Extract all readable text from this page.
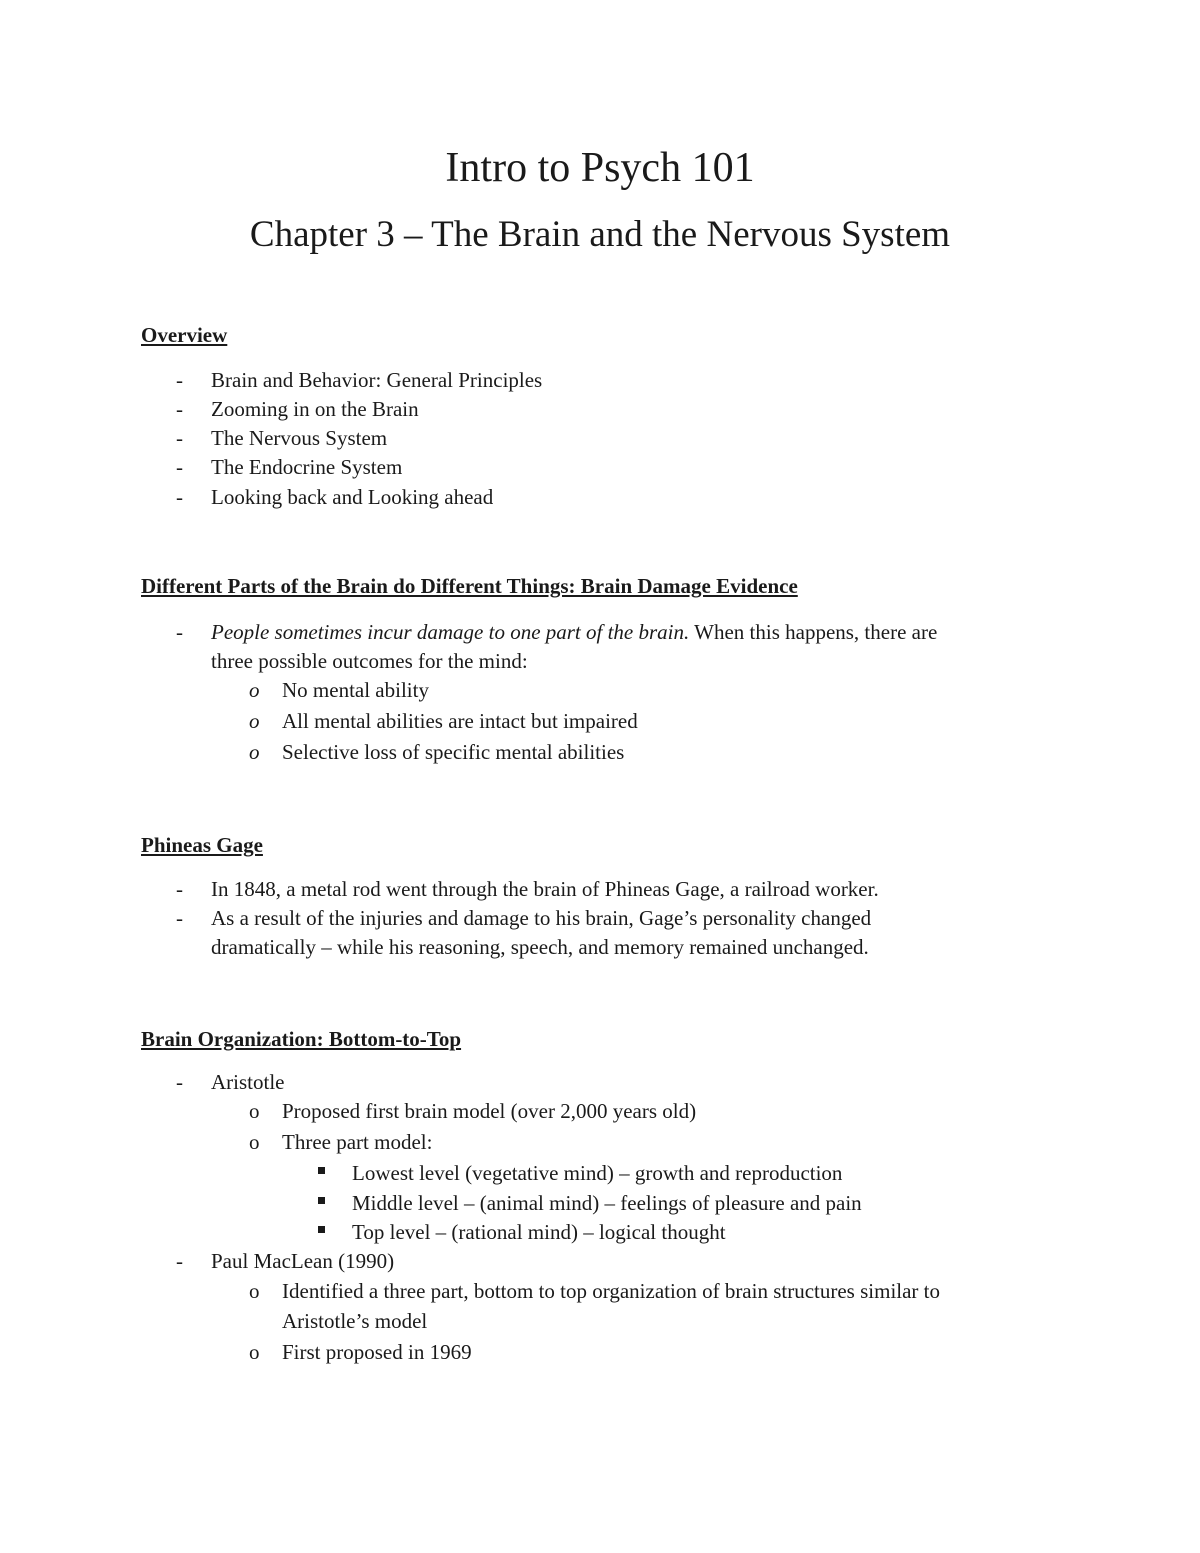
Intro to Psych 101
Chapter 3 – The Brain and the Nervous System
Overview
- Brain and Behavior: General Principles
- Zooming in on the Brain
- The Nervous System
- The Endocrine System
- Looking back and Looking ahead
Different Parts of the Brain do Different Things: Brain Damage Evidence
- People sometimes incur damage to one part of the brain. When this happens, there are
three possible outcomes for the mind:
o No mental ability
o All mental abilities are intact but impaired
o Selective loss of specific mental abilities
Phineas Gage
- In 1848, a metal rod went through the brain of Phineas Gage, a railroad worker.
- As a result of the injuries and damage to his brain, Gage’s personality changed
dramatically – while his reasoning, speech, and memory remained unchanged.
Brain Organization: Bottom-to-Top
- Aristotle
o Proposed first brain model (over 2,000 years old)
o Three part model:
Lowest level (vegetative mind) – growth and reproduction
Middle level – (animal mind) – feelings of pleasure and pain
Top level – (rational mind) – logical thought
- Paul MacLean (1990)
o Identified a three part, bottom to top organization of brain structures similar to
Aristotle’s model
o First proposed in 1969
